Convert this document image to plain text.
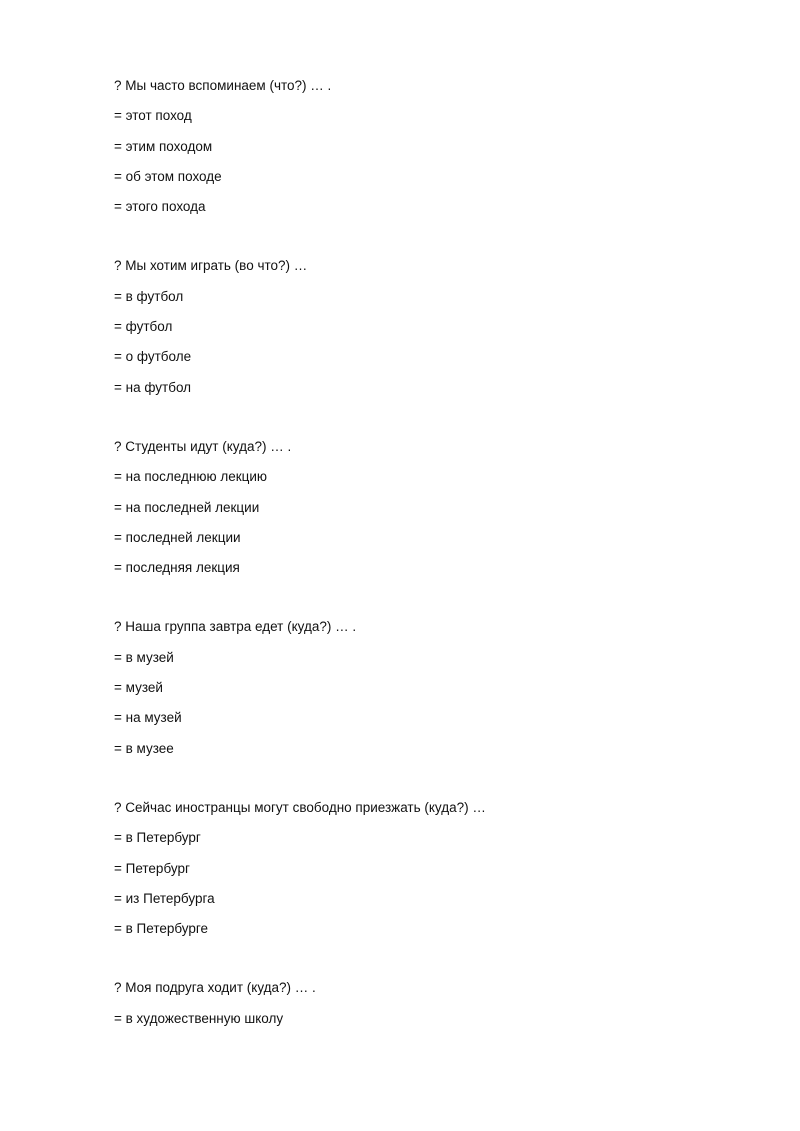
? Мы часто вспоминаем (что?) … .
= этот поход
= этим походом
= об этом походе
= этого похода
? Мы хотим играть (во что?) …
= в футбол
= футбол
= о футболе
= на футбол
? Студенты идут (куда?) … .
= на последнюю лекцию
= на последней лекции
= последней лекции
= последняя лекция
? Наша группа завтра едет (куда?) … .
= в музей
= музей
= на музей
= в музее
? Сейчас иностранцы могут свободно приезжать (куда?) …
= в Петербург
= Петербург
= из Петербурга
= в Петербурге
? Моя подруга ходит (куда?) … .
= в художественную школу
